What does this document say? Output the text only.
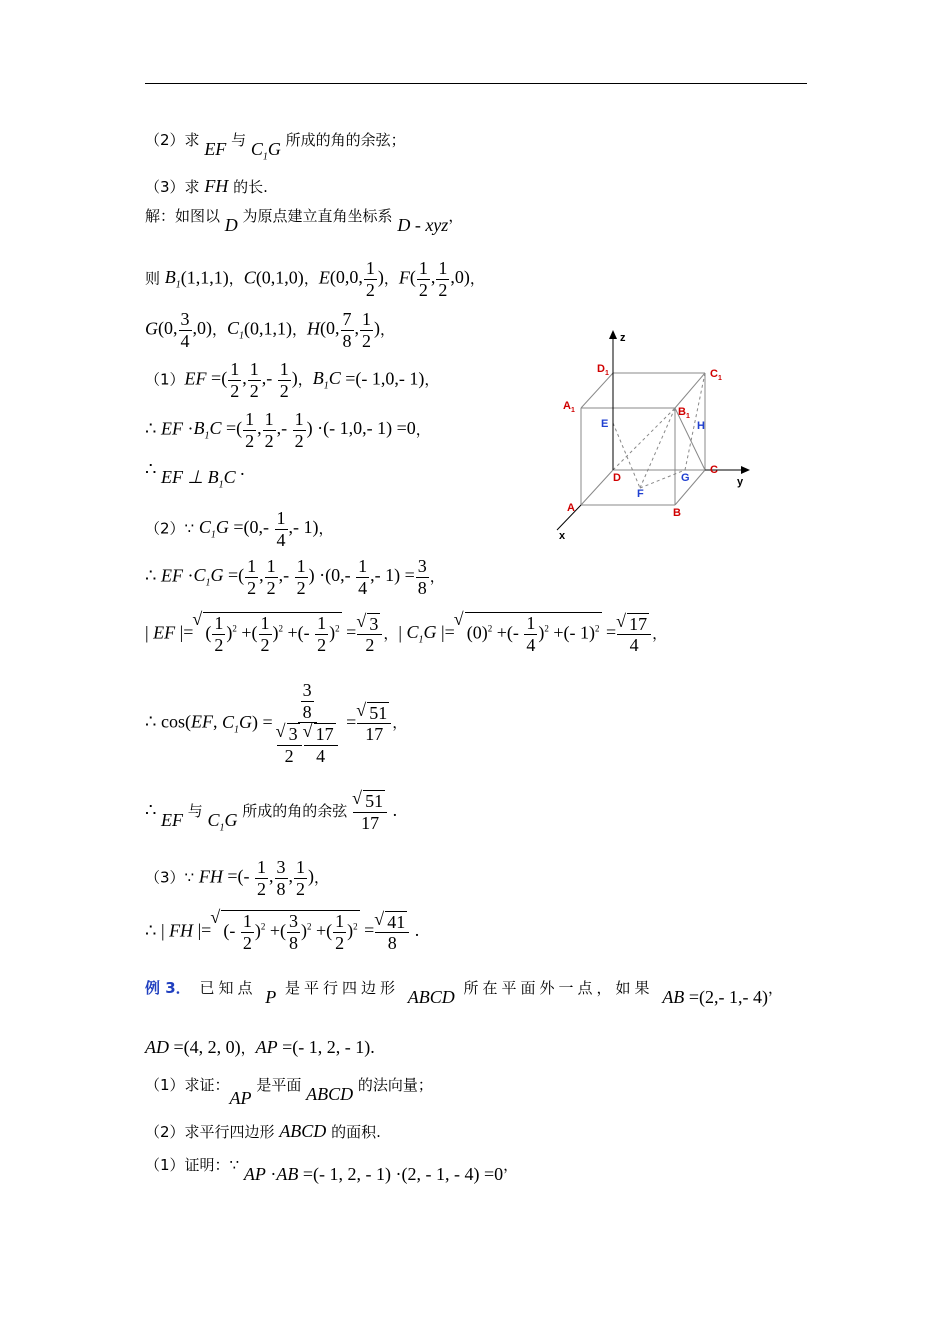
（2）求 EF 与 $C_1G$ 所成的角的余弦；
（3）求 FH 的长.
解：如图以 D 为原点建立直角坐标系 D - xyz，
则 $B_1(1,1,1)$，C(0,1,0)，E(0,0, $\frac{1}{2}$ )，$F( \frac{1}{2}$ , $\frac{1}{2} ,0$)，
G(0, $\frac{3}{4} ,0$)，$C_1(0,1,1)$，H(0, $\frac{7}{8}$ , $\frac{1}{2}$ )，
（1）EF =( $\frac{1}{2}$ , $\frac{1}{2}$ ,- $\frac{1}{2}$ )，$B_1C$ =(- 1,0,- 1)，
∴ EF $\cdot B_1C$ =( $\frac{1}{2}$ , $\frac{1}{2}$ ,- $\frac{1}{2}$ ) ·(- 1,0,- 1) =0，
∴ EF ⊥ $B_1C$ .
（2）∵ $C_1G =(0,- \frac{1}{4}$ ,- 1)，
∴ EF $\cdot C_1G$ =( $\frac{1}{2}$ , $\frac{1}{2}$ ,- $\frac{1}{2}$ ) $\cdot(0,- \frac{1}{4}$ ,- $1) = \frac{3}{8}$ ，
| EF |= √ ( $\frac{1}{2} )^2$ +( $\frac{1}{2} )^2$ +(- $\frac{1}{2} )^2$ = √ $\frac{3}{2}$ ，| $C_1G$ |= √ $(0)^2$ +(- $\frac{1}{4} )^2$ +(- 1)$^2$ = √ $\frac{17}{4}$ ，
∴ cos(EF, $C_1G) = \frac{3}{8}$
√ $\frac{3}{2}$ √ $\frac{17}{4}$ = √ $\frac{51}{17}$ ，
∴ EF 与 $C_1G$ 所成的角的余弦 √ $\frac{51}{17}$ .
（3）∵ FH =(- $\frac{1}{2}$ , $\frac{3}{8}$ , $\frac{1}{2}$ )，
∴ | FH |= √ (- $\frac{1}{2} )^2$ +( $\frac{3}{8} )^2$ +( $\frac{1}{2} )^2$ = √ $\frac{41}{8}$ .
例 3． 已知点 P 是平行四边形 ABCD 所在平面外一点，如果 AB =(2,- 1,- 4)，
AD =(4, 2, 0)，AP =(- 1, 2, - 1).
（1）求证：AP 是平面 ABCD 的法向量；
（2）求平行四边形 ABCD 的面积.
（1）证明：∵ AP ·AB =(- 1, 2, - 1) ·(2, - 1, - 4) =0，
z
y
x
$D_1$	$C_1$
$A_1$	$B_1$
D
C
A	B
E	H
F
G
